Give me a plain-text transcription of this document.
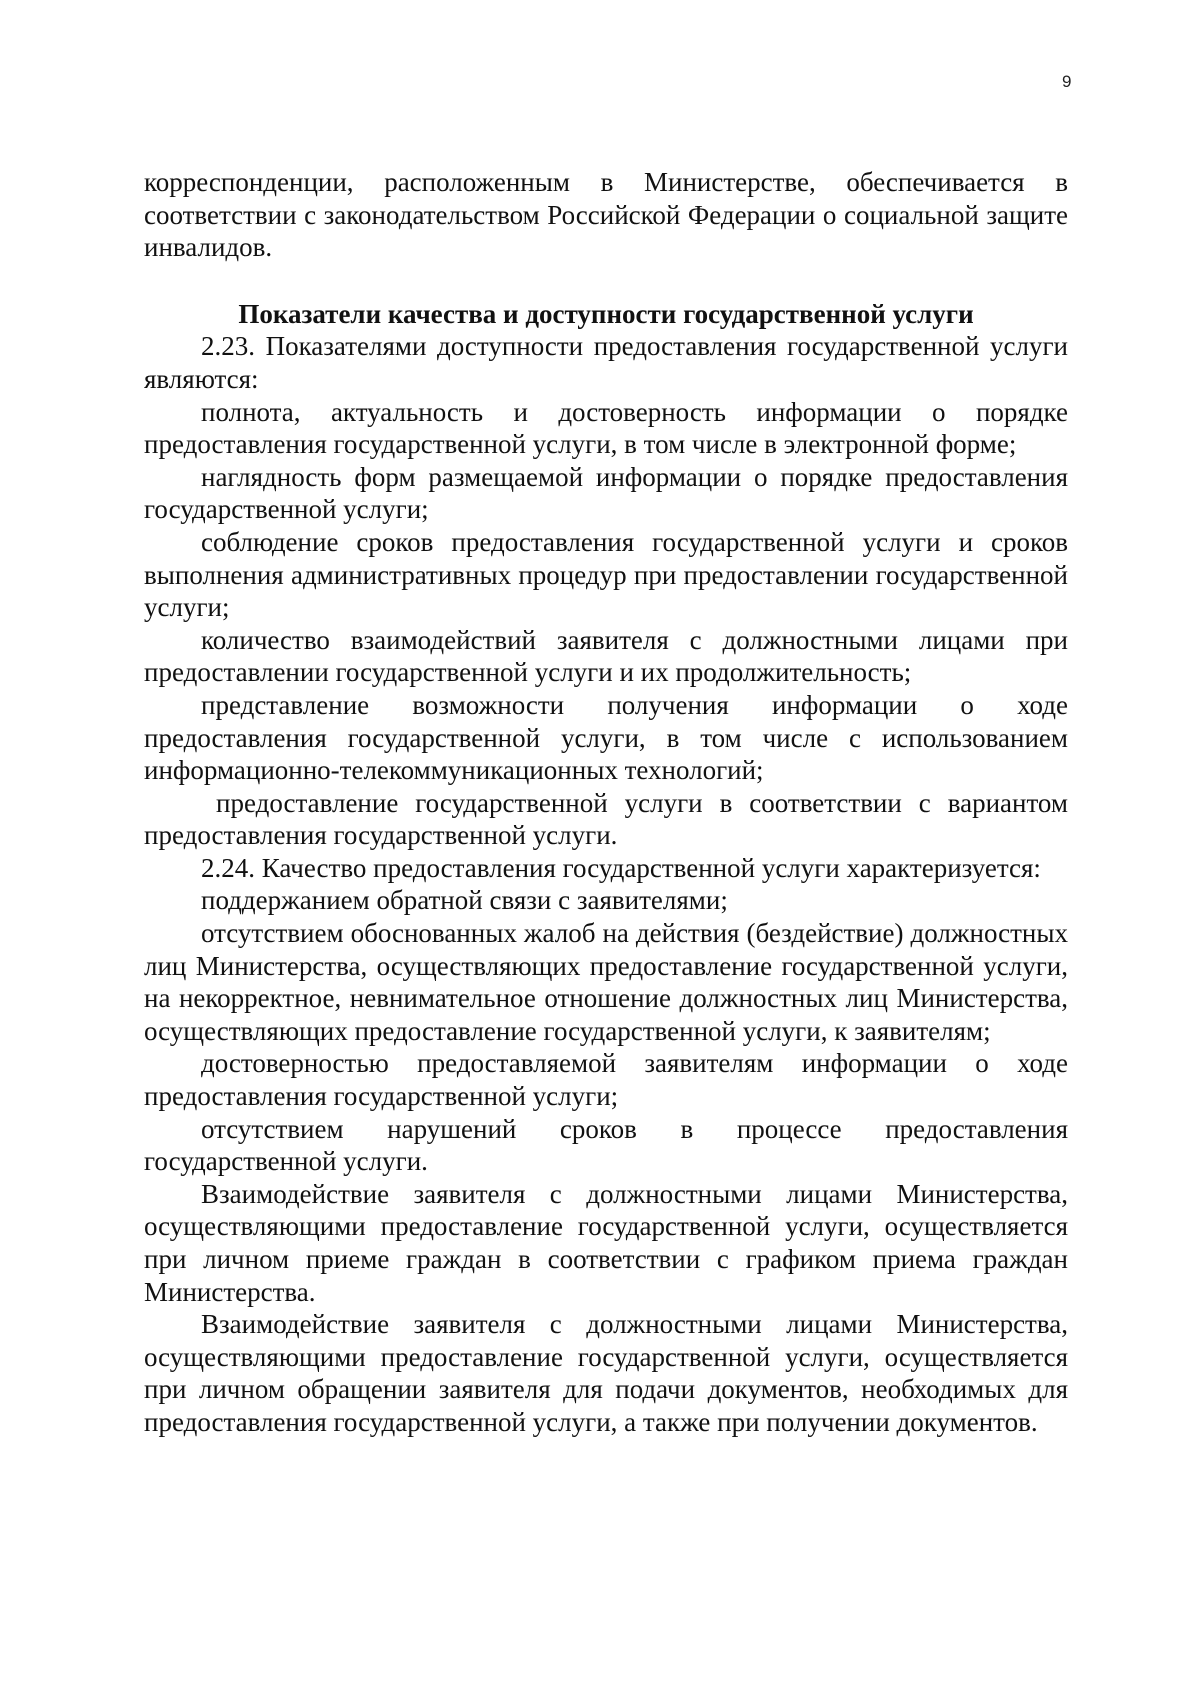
9

корреспонденции, расположенным в Министерстве, обеспечивается в соответствии с законодательством Российской Федерации о социальной защите инвалидов.

Показатели качества и доступности государственной услуги

2.23. Показателями доступности предоставления государственной услуги являются:

полнота, актуальность и достоверность информации о порядке предоставления государственной услуги, в том числе в электронной форме;

наглядность форм размещаемой информации о порядке предоставления государственной услуги;

соблюдение сроков предоставления государственной услуги и сроков выполнения административных процедур при предоставлении государственной услуги;

количество взаимодействий заявителя с должностными лицами при предоставлении государственной услуги и их продолжительность;

представление возможности получения информации о ходе предоставления государственной услуги, в том числе с использованием информационно-телекоммуникационных технологий;

предоставление государственной услуги в соответствии с вариантом предоставления государственной услуги.

2.24. Качество предоставления государственной услуги характеризуется:

поддержанием обратной связи с заявителями;

отсутствием обоснованных жалоб на действия (бездействие) должностных лиц Министерства, осуществляющих предоставление государственной услуги, на некорректное, невнимательное отношение должностных лиц Министерства, осуществляющих предоставление государственной услуги, к заявителям;

достоверностью предоставляемой заявителям информации о ходе предоставления государственной услуги;

отсутствием нарушений сроков в процессе предоставления государственной услуги.

Взаимодействие заявителя с должностными лицами Министерства, осуществляющими предоставление государственной услуги, осуществляется при личном приеме граждан в соответствии с графиком приема граждан Министерства.

Взаимодействие заявителя с должностными лицами Министерства, осуществляющими предоставление государственной услуги, осуществляется при личном обращении заявителя для подачи документов, необходимых для предоставления государственной услуги, а также при получении документов.
